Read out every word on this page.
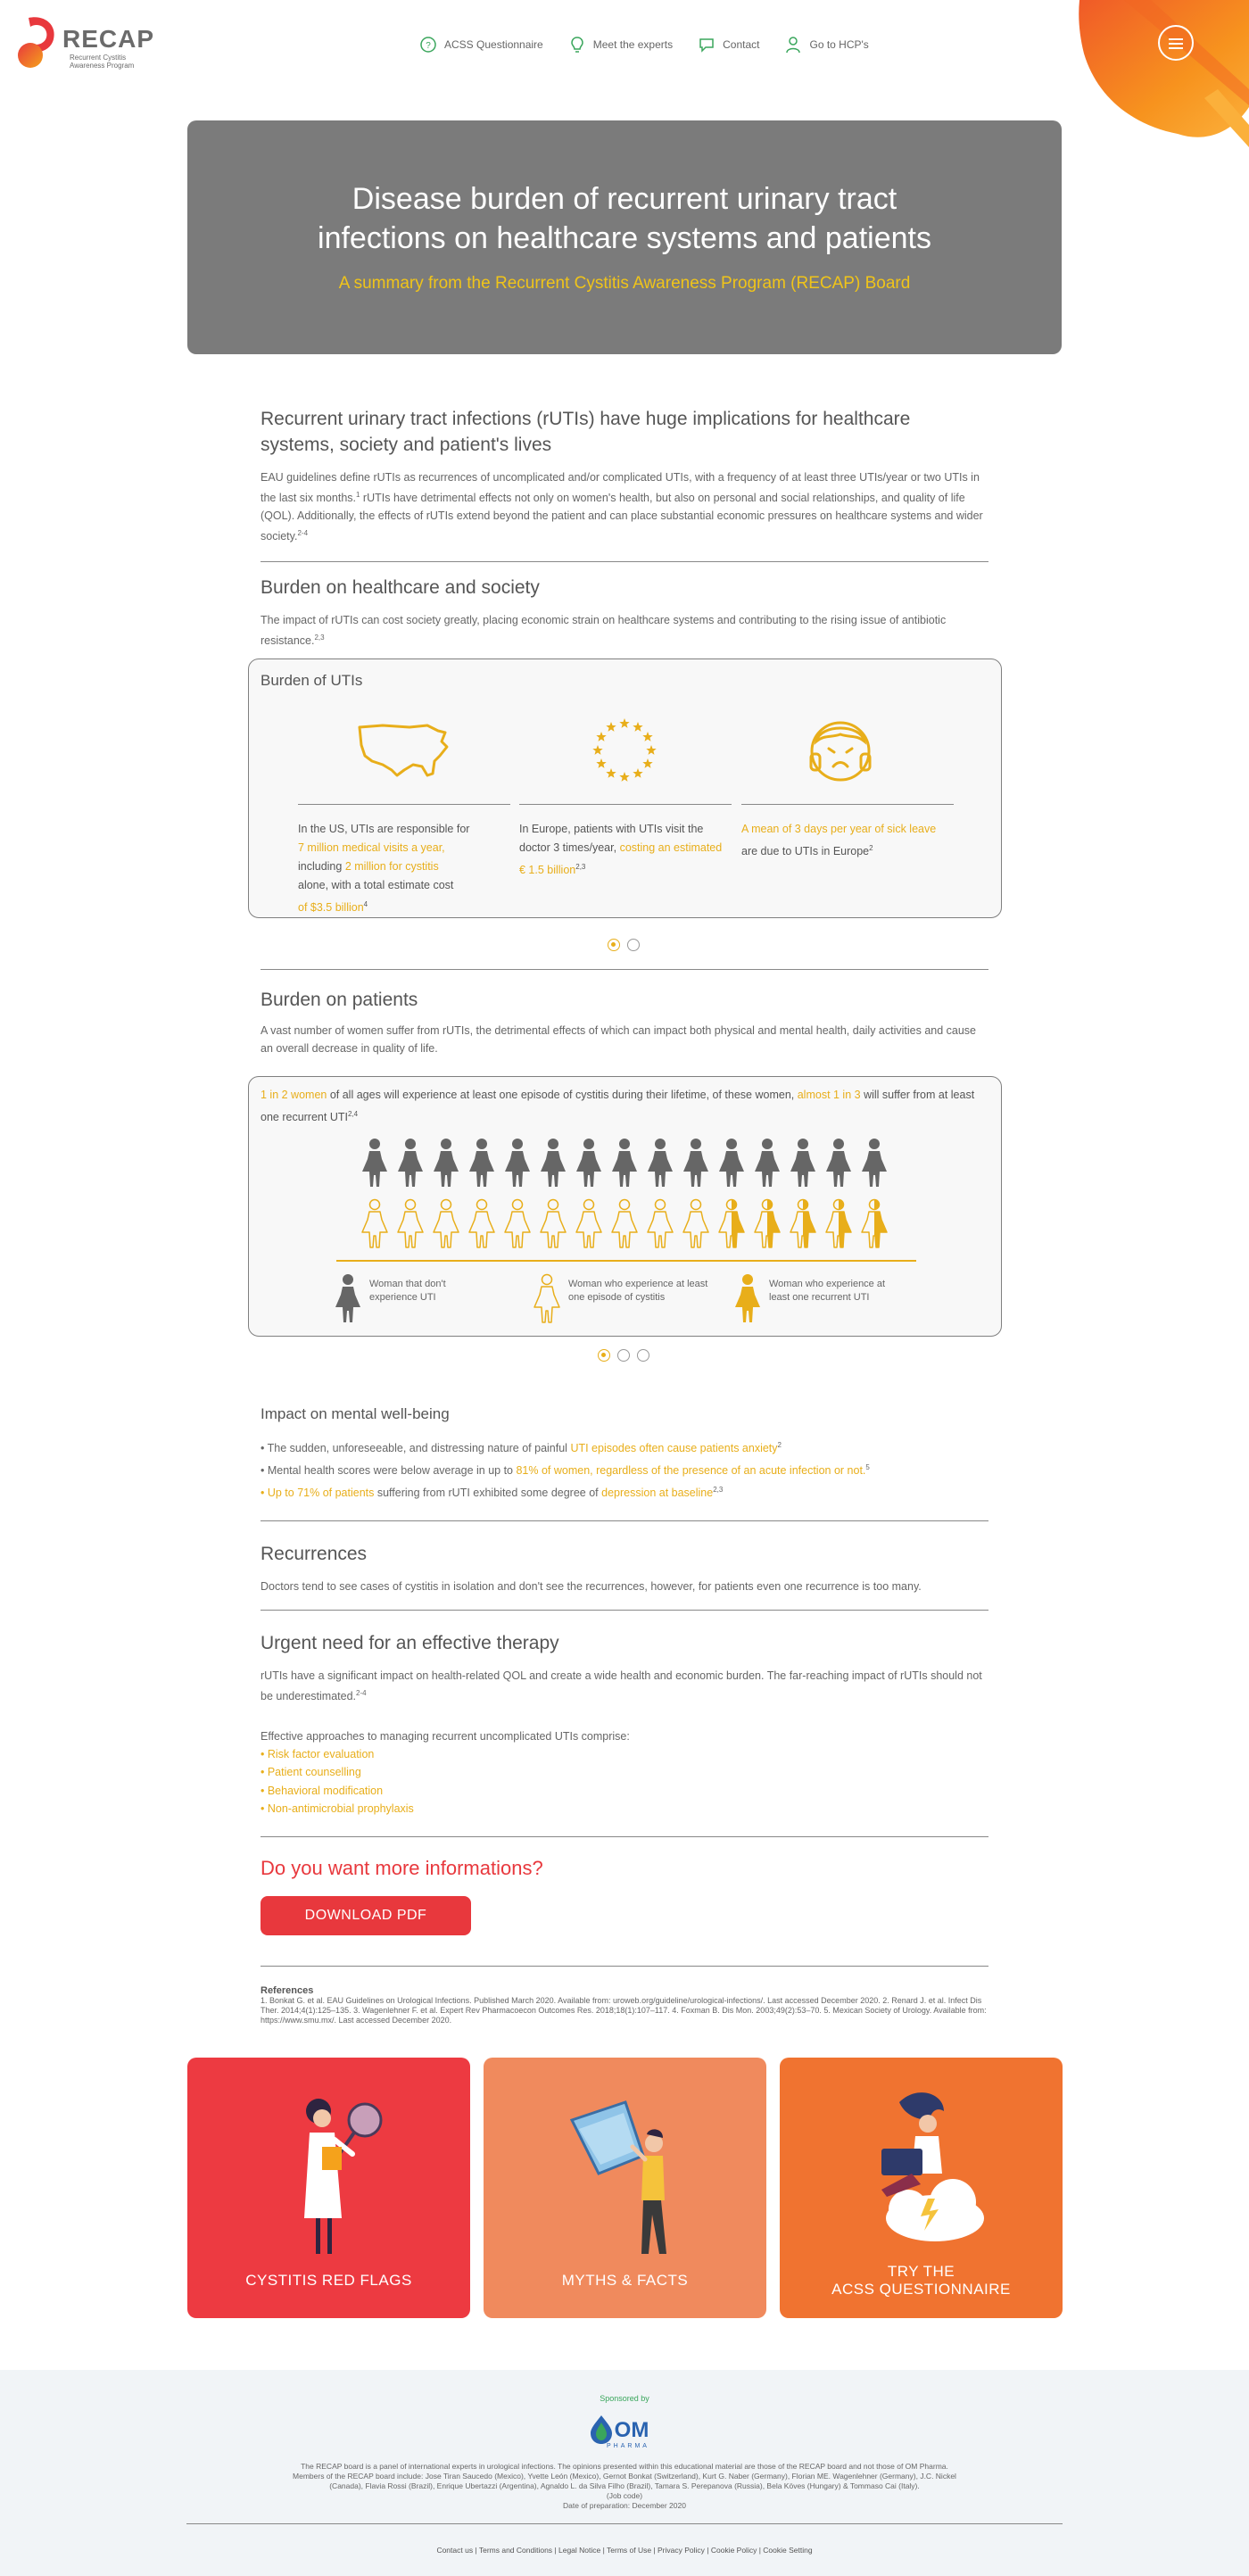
RECAP
Recurrent Cystitis
Awareness Program
? ACSS Questionnaire	Meet the experts	Contact	Go to HCP's
Disease burden of recurrent urinary tract
infections on healthcare systems and patients
A summary from the Recurrent Cystitis Awareness Program (RECAP) Board
Recurrent urinary tract infections (rUTIs) have huge implications for healthcare systems, society and patient's lives

EAU guidelines define rUTIs as recurrences of uncomplicated and/or complicated UTIs, with a frequency of at least three UTIs/year or two UTIs in the last six months.$^1$ rUTIs have detrimental effects not only on women's health, but also on personal and social relationships, and quality of life (QOL). Additionally, the effects of rUTIs extend beyond the patient and can place substantial economic pressures on healthcare systems and wider society.$^{2-4}$

Burden on healthcare and society

The impact of rUTIs can cost society greatly, placing economic strain on healthcare systems and contributing to the rising issue of antibiotic resistance.$^{2,3}$

Burden of UTIs
In the US, UTIs are responsible for
7 million medical visits a year,
including 2 million for cystitis
alone, with a total estimate cost
of $3.5 billion$^4$
In Europe, patients with UTIs visit the doctor 3 times/year, costing an estimated € 1.5 billion$^{2,3}$
A mean of 3 days per year of sick leave are due to UTIs in Europe$^2$
Burden on patients

A vast number of women suffer from rUTIs, the detrimental effects of which can impact both physical and mental health, daily activities and cause an overall decrease in quality of life.

1 in 2 women of all ages will experience at least one episode of cystitis during their lifetime, of these women, almost 1 in 3 will suffer from at least one recurrent UTI$^{2,4}$

Woman that don't experience UTI
Woman who experience at least one episode of cystitis
Woman who experience at least one recurrent UTI
Impact on mental well-being
• The sudden, unforeseeable, and distressing nature of painful UTI episodes often cause patients anxiety$^2$
• Mental health scores were below average in up to 81% of women, regardless of the presence of an acute infection or not.$^5$
• Up to 71% of patients suffering from rUTI exhibited some degree of depression at baseline$^{2,3}$
Recurrences

Doctors tend to see cases of cystitis in isolation and don't see the recurrences, however, for patients even one recurrence is too many.

Urgent need for an effective therapy

rUTIs have a significant impact on health-related QOL and create a wide health and economic burden. The far-reaching impact of rUTIs should not be underestimated.$^{2-4}$

Effective approaches to managing recurrent uncomplicated UTIs comprise:

• Risk factor evaluation
• Patient counselling
• Behavioral modification
• Non-antimicrobial prophylaxis
Do you want more informations?
DOWNLOAD PDF
References
1. Bonkat G. et al. EAU Guidelines on Urological Infections. Published March 2020. Available from: uroweb.org/guideline/urological-infections/. Last accessed December 2020. 2. Renard J. et al. Infect Dis Ther. 2014;4(1):125–135. 3. Wagenlehner F. et al. Expert Rev Pharmacoecon Outcomes Res. 2018;18(1):107–117. 4. Foxman B. Dis Mon. 2003;49(2):53–70. 5. Mexican Society of Urology. Available from: https://www.smu.mx/. Last accessed December 2020.
CYSTITIS RED FLAGS	MYTHS & FACTS
TRY THE
ACSS QUESTIONNAIRE
Sponsored by
OM
PHARMA
The RECAP board is a panel of international experts in urological infections. The opinions presented within this educational material are those of the RECAP board and not those of OM Pharma.
Members of the RECAP board include: Jose Tiran Saucedo (Mexico), Yvette León (Mexico), Gernot Bonkat (Switzerland), Kurt G. Naber (Germany), Florian ME. Wagenlehner (Germany), J.C. Nickel
(Canada), Flavia Rossi (Brazil), Enrique Ubertazzi (Argentina), Agnaldo L. da Silva Filho (Brazil), Tamara S. Perepanova (Russia), Bela Köves (Hungary) & Tommaso Cai (Italy).
(Job code)
Date of preparation: December 2020
Contact us | Terms and Conditions | Legal Notice | Terms of Use | Privacy Policy | Cookie Policy | Cookie Setting
